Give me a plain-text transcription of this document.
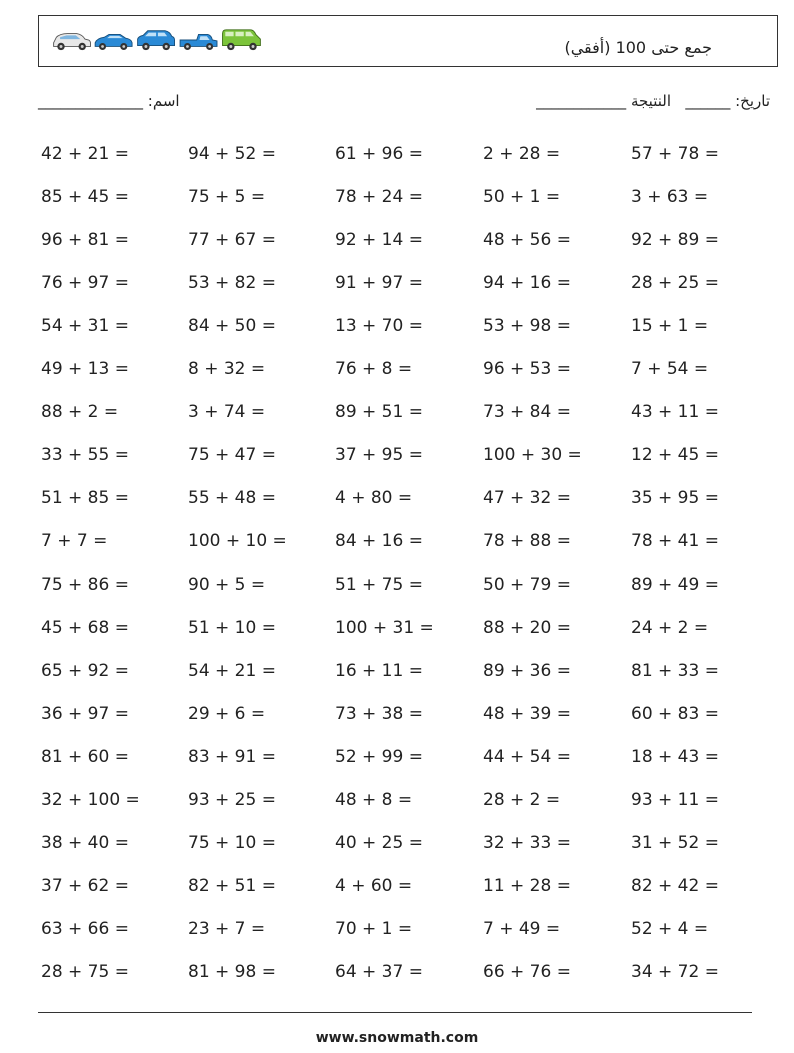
جمع حتى 100 (أفقي)
اسم: ______________	تاريخ: ______   النتيجة ____________
42 + 21 =	94 + 52 =	61 + 96 =	2 + 28 =	57 + 78 =
85 + 45 =	75 + 5 =	78 + 24 =	50 + 1 =	3 + 63 =
96 + 81 =	77 + 67 =	92 + 14 =	48 + 56 =	92 + 89 =
76 + 97 =	53 + 82 =	91 + 97 =	94 + 16 =	28 + 25 =
54 + 31 =	84 + 50 =	13 + 70 =	53 + 98 =	15 + 1 =
49 + 13 =	8 + 32 =	76 + 8 =	96 + 53 =	7 + 54 =
88 + 2 =	3 + 74 =	89 + 51 =	73 + 84 =	43 + 11 =
33 + 55 =	75 + 47 =	37 + 95 =	100 + 30 =	12 + 45 =
51 + 85 =	55 + 48 =	4 + 80 =	47 + 32 =	35 + 95 =
7 + 7 =	100 + 10 =	84 + 16 =	78 + 88 =	78 + 41 =
75 + 86 =	90 + 5 =	51 + 75 =	50 + 79 =	89 + 49 =
45 + 68 =	51 + 10 =	100 + 31 =	88 + 20 =	24 + 2 =
65 + 92 =	54 + 21 =	16 + 11 =	89 + 36 =	81 + 33 =
36 + 97 =	29 + 6 =	73 + 38 =	48 + 39 =	60 + 83 =
81 + 60 =	83 + 91 =	52 + 99 =	44 + 54 =	18 + 43 =
32 + 100 =	93 + 25 =	48 + 8 =	28 + 2 =	93 + 11 =
38 + 40 =	75 + 10 =	40 + 25 =	32 + 33 =	31 + 52 =
37 + 62 =	82 + 51 =	4 + 60 =	11 + 28 =	82 + 42 =
63 + 66 =	23 + 7 =	70 + 1 =	7 + 49 =	52 + 4 =
28 + 75 =	81 + 98 =	64 + 37 =	66 + 76 =	34 + 72 =
www.snowmath.com
